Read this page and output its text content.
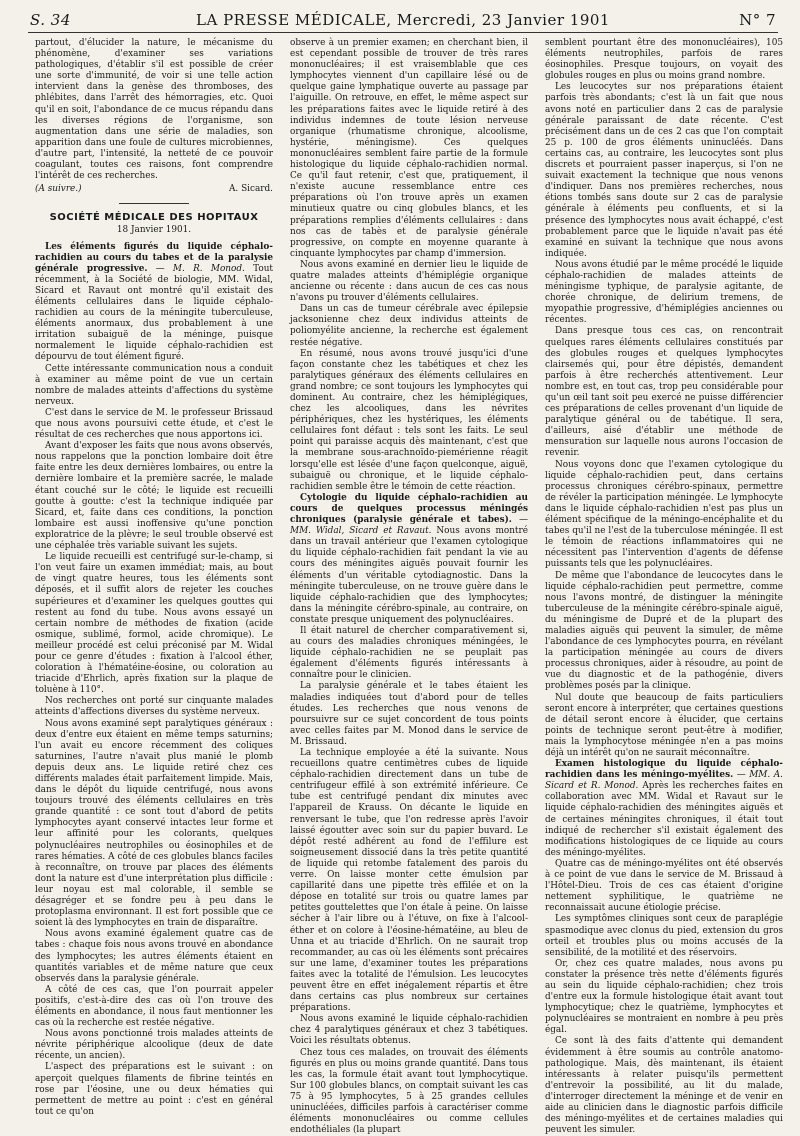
S. 34	LA PRESSE MÉDICALE, Mercredi, 23 Janvier 1901	N° 7

partout, d'élucider la nature, le mécanisme du phénomène, d'examiner ses variations pathologiques, d'établir s'il est possible de créer une sorte d'immunité, de voir si une telle action intervient dans la genèse des thromboses, des phlébites, dans l'arrêt des hémorragies, etc. Quoi qu'il en soit, l'abondance de ce mucus répandu dans les diverses régions de l'organisme, son augmentation dans une série de maladies, son apparition dans une foule de cultures microbiennes, d'autre part, l'intensité, la netteté de ce pouvoir coagulant, toutes ces raisons, font comprendre l'intérêt de ces recherches.

(A suivre.)	A. Sicard.
SOCIÉTÉ MÉDICALE DES HOPITAUX
18 Janvier 1901.

Les éléments figurés du liquide céphalo-rachidien au cours du tabes et de la paralysie générale progressive. — M. R. Monod. Tout récemment, à la Société de biologie, MM. Widal, Sicard et Ravaut ont montré qu'il existait des éléments cellulaires dans le liquide céphalo-rachidien au cours de la méningite tuberculeuse, éléments anormaux, dus probablement à une irritation subaiguë de la méninge, puisque normalement le liquide céphalo-rachidien est dépourvu de tout élément figuré.

Cette intéressante communication nous a conduit à examiner au même point de vue un certain nombre de malades atteints d'affections du système nerveux.

C'est dans le service de M. le professeur Brissaud que nous avons poursuivi cette étude, et c'est le résultat de ces recherches que nous apportons ici.

Avant d'exposer les faits que nous avons observés, nous rappelons que la ponction lombaire doit être faite entre les deux dernières lombaires, ou entre la dernière lombaire et la première sacrée, le malade étant couché sur le côté; le liquide est recueilli goutte à goutte: c'est la technique indiquée par Sicard, et, faite dans ces conditions, la ponction lombaire est aussi inoffensive qu'une ponction exploratrice de la plèvre; le seul trouble observé est une céphalée très variable suivant les sujets.

Le liquide recueilli est centrifugé sur-le-champ, si l'on veut faire un examen immédiat; mais, au bout de vingt quatre heures, tous les éléments sont déposés, et il suffit alors de rejeter les couches supérieures et d'examiner les quelques gouttes qui restent au fond du tube. Nous avons essayé un certain nombre de méthodes de fixation (acide osmique, sublimé, formol, acide chromique). Le meilleur procédé est celui préconisé par M. Widal pour ce genre d'études : fixation à l'alcool éther, coloration à l'hématéine-éosine, ou coloration au triacide d'Ehrlich, après fixation sur la plaque de toluène à 110°.

Nos recherches ont porté sur cinquante malades atteints d'affections diverses du système nerveux.

Nous avons examiné sept paralytiques généraux : deux d'entre eux étaient en même temps saturnins; l'un avait eu encore récemment des coliques saturnines, l'autre n'avait plus manié le plomb depuis deux ans. Le liquide retiré chez ces différents malades était parfaitement limpide. Mais, dans le dépôt du liquide centrifugé, nous avons toujours trouvé des éléments cellulaires en très grande quantité : ce sont tout d'abord de petits lymphocytes ayant conservé intactes leur forme et leur affinité pour les colorants, quelques polynucléaires neutrophiles ou éosinophiles et de rares hématies. A côté de ces globules blancs faciles à reconnaître, on trouve par places des éléments dont la nature est d'une interprétation plus difficile : leur noyau est mal colorable, il semble se désagréger et se fondre peu à peu dans le protoplasma environnant. Il est fort possible que ce soient là des lymphocytes en train de disparaître.

Nous avons examiné également quatre cas de tabes : chaque fois nous avons trouvé en abondance des lymphocytes; les autres éléments étaient en quantités variables et de même nature que ceux observés dans la paralysie générale.

A côté de ces cas, que l'on pourrait appeler positifs, c'est-à-dire des cas où l'on trouve des éléments en abondance, il nous faut mentionner les cas où la recherche est restée négative.

Nous avons ponctionné trois malades atteints de névrite périphérique alcoolique (deux de date récente, un ancien).

L'aspect des préparations est le suivant : on aperçoit quelques filaments de fibrine teintés en rose par l'éosine, une ou deux hématies qui permettent de mettre au point : c'est en général tout ce qu'on

observe à un premier examen; en cherchant bien, il est cependant possible de trouver de très rares mononucléaires; il est vraisemblable que ces lymphocytes viennent d'un capillaire lésé ou de quelque gaine lymphatique ouverte au passage par l'aiguille. On retrouve, en effet, le même aspect sur les préparations faites avec le liquide retiré à des individus indemnes de toute lésion nerveuse organique (rhumatisme chronique, alcoolisme, hystérie, méningisme). Ces quelques mononucléaires semblent faire partie de la formule histologique du liquide céphalo-rachidien normal. Ce qu'il faut retenir, c'est que, pratiquement, il n'existe aucune ressemblance entre ces préparations où l'on trouve après un examen minutieux quatre ou cinq globules blancs, et les préparations remplies d'éléments cellulaires : dans nos cas de tabès et de paralysie générale progressive, on compte en moyenne quarante à cinquante lymphocytes par champ d'immersion.

Nous avons examiné en dernier lieu le liquide de quatre malades atteints d'hémiplégie organique ancienne ou récente : dans aucun de ces cas nous n'avons pu trouver d'éléments cellulaires.

Dans un cas de tumeur cérébrale avec épilepsie jacksonienne chez deux individus atteints de poliomyélite ancienne, la recherche est également restée négative.

En résumé, nous avons trouvé jusqu'ici d'une façon constante chez les tabétiques et chez les paralytiques généraux des éléments cellulaires en grand nombre; ce sont toujours les lymphocytes qui dominent. Au contraire, chez les hémiplégiques, chez les alcooliques, dans les névrites périphériques, chez les hystériques, les éléments cellulaires font défaut : tels sont les faits. Le seul point qui paraisse acquis dès maintenant, c'est que la membrane sous-arachnoïdo-piemérienne réagit lorsqu'elle est lésée d'une façon quelconque, aiguë, subaiguë ou chronique, et le liquide céphalo-rachidien semble être le témoin de cette réaction.

Cytologie du liquide céphalo-rachidien au cours de quelques processus méningés chroniques (paralysie générale et tabes). — MM. Widal, Sicard et Ravaut. Nous avons montré dans un travail antérieur que l'examen cytologique du liquide céphalo-rachidien fait pendant la vie au cours des méningites aiguës pouvait fournir les éléments d'un véritable cytodiagnostic. Dans la méningite tuberculeuse, on ne trouve guère dans le liquide céphalo-rachidien que des lymphocytes; dans la méningite cérébro-spinale, au contraire, on constate presque uniquement des polynucléaires.

Il était naturel de chercher comparativement si, au cours des maladies chroniques méningées, le liquide céphalo-rachidien ne se peuplait pas également d'éléments figurés intéressants à connaître pour le clinicien.

La paralysie générale et le tabes étaient les maladies indiquées tout d'abord pour de telles études. Les recherches que nous venons de poursuivre sur ce sujet concordent de tous points avec celles faites par M. Monod dans le service de M. Brissaud.

La technique employée a été la suivante. Nous recueillons quatre centimètres cubes de liquide céphalo-rachidien directement dans un tube de centrifugeur effilé à son extrémité inférieure. Ce tube est centrifugé pendant dix minutes avec l'appareil de Krauss. On décante le liquide en renversant le tube, que l'on redresse après l'avoir laissé égoutter avec soin sur du papier buvard. Le dépôt resté adhérent au fond de l'effilure est soigneusement dissocié dans la très petite quantité de liquide qui retombe fatalement des parois du verre. On laisse monter cette émulsion par capillarité dans une pipette très effilée et on la dépose en totalité sur trois ou quatre lames par petites gouttelettes que l'on étale à peine. On laisse sécher à l'air libre ou à l'étuve, on fixe à l'alcool-éther et on colore à l'éosine-hématéine, au bleu de Unna et au triacide d'Ehrlich. On ne saurait trop recommander, au cas où les éléments sont précaires sur une lame, d'examiner toutes les préparations faites avec la totalité de l'émulsion. Les leucocytes peuvent être en effet inégalement répartis et être dans certains cas plus nombreux sur certaines préparations.

Nous avons examiné le liquide céphalo-rachidien chez 4 paralytiques généraux et chez 3 tabétiques. Voici les résultats obtenus.

Chez tous ces malades, on trouvait des éléments figurés en plus ou moins grande quantité. Dans tous les cas, la formule était avant tout lymphocytique. Sur 100 globules blancs, on comptait suivant les cas 75 à 95 lymphocytes, 5 à 25 grandes cellules uninucléées, difficiles parfois à caractériser comme éléments mononucléaires ou comme cellules endothéliales (la plupart

semblent pourtant être des mononucléaires), 105 éléments neutrophiles, parfois de rares éosinophiles. Presque toujours, on voyait des globules rouges en plus ou moins grand nombre.

Les leucocytes sur nos préparations étaient parfois très abondants; c'est là un fait que nous avons noté en particulier dans 2 cas de paralysie générale paraissant de date récente. C'est précisément dans un de ces 2 cas que l'on comptait 25 p. 100 de gros éléments uninucléés. Dans certains cas, au contraire, les leucocytes sont plus discrets et pourraient passer inaperçus, si l'on ne suivait exactement la technique que nous venons d'indiquer. Dans nos premières recherches, nous étions tombés sans doute sur 2 cas de paralysie générale à éléments peu confluents, et si la présence des lymphocytes nous avait échappé, c'est probablement parce que le liquide n'avait pas été examiné en suivant la technique que nous avons indiquée.

Nous avons étudié par le même procédé le liquide céphalo-rachidien de malades atteints de méningisme typhique, de paralysie agitante, de chorée chronique, de delirium tremens, de myopathie progressive, d'hémiplégies anciennes ou récentes.

Dans presque tous ces cas, on rencontrait quelques rares éléments cellulaires constitués par des globules rouges et quelques lymphocytes clairsemés qui, pour être dépistés, demandent parfois à être recherchés attentivement. Leur nombre est, en tout cas, trop peu considérable pour qu'un œil tant soit peu exercé ne puisse différencier ces préparations de celles provenant d'un liquide de paralytique général ou de tabétique. Il sera, d'ailleurs, aisé d'établir une méthode de mensuration sur laquelle nous aurons l'occasion de revenir.

Nous voyons donc que l'examen cytologique du liquide céphalo-rachidien peut, dans certains processus chroniques cérébro-spinaux, permettre de révéler la participation méningée. Le lymphocyte dans le liquide céphalo-rachidien n'est pas plus un élément spécifique de la méningo-encéphalite et du tabes qu'il ne l'est de la tuberculose méningée. Il est le témoin de réactions inflammatoires qui ne nécessitent pas l'intervention d'agents de défense puissants tels que les polynucléaires.

De même que l'abondance de leucocytes dans le liquide céphalo-rachidien peut permettre, comme nous l'avons montré, de distinguer la méningite tuberculeuse de la méningite cérébro-spinale aiguë, du méningisme de Dupré et de la plupart des maladies aiguës qui peuvent la simuler, de même l'abondance de ces lymphocytes pourra, en révélant la participation méningée au cours de divers processus chroniques, aider à résoudre, au point de vue du diagnostic et de la pathogénie, divers problèmes posés par la clinique.

Nul doute que beaucoup de faits particuliers seront encore à interpréter, que certaines questions de détail seront encore à élucider, que certains points de technique seront peut-être à modifier, mais la lymphocytose méningée n'en a pas moins déjà un intérêt qu'on ne saurait méconnaître.

Examen histologique du liquide céphalo-rachidien dans les méningo-myélites. — MM. A. Sicard et R. Monod. Après les recherches faites en collaboration avec MM. Widal et Ravaut sur le liquide céphalo-rachidien des méningites aiguës et de certaines méningites chroniques, il était tout indiqué de rechercher s'il existait également des modifications histologiques de ce liquide au cours des méningo-myélites.

Quatre cas de méningo-myélites ont été observés à ce point de vue dans le service de M. Brissaud à l'Hôtel-Dieu. Trois de ces cas étaient d'origine nettement syphilitique, le quatrième ne reconnaissait aucune étiologie précise.

Les symptômes cliniques sont ceux de paraplégie spasmodique avec clonus du pied, extension du gros orteil et troubles plus ou moins accusés de la sensibilité, de la motilité et des réservoirs.

Or, chez ces quatre malades, nous avons pu constater la présence très nette d'éléments figurés au sein du liquide céphalo-rachidien; chez trois d'entre eux la formule histologique était avant tout lymphocytique; chez le quatrième, lymphocytes et polynucléaires se montraient en nombre à peu près égal.

Ce sont là des faits d'attente qui demandent évidemment à être soumis au contrôle anatomo-pathologique. Mais, dès maintenant, ils étaient intéressants à relater puisqu'ils permettent d'entrevoir la possibilité, au lit du malade, d'interroger directement la méninge et de venir en aide au clinicien dans le diagnostic parfois difficile des méningo-myélites et de certaines maladies qui peuvent les simuler.
